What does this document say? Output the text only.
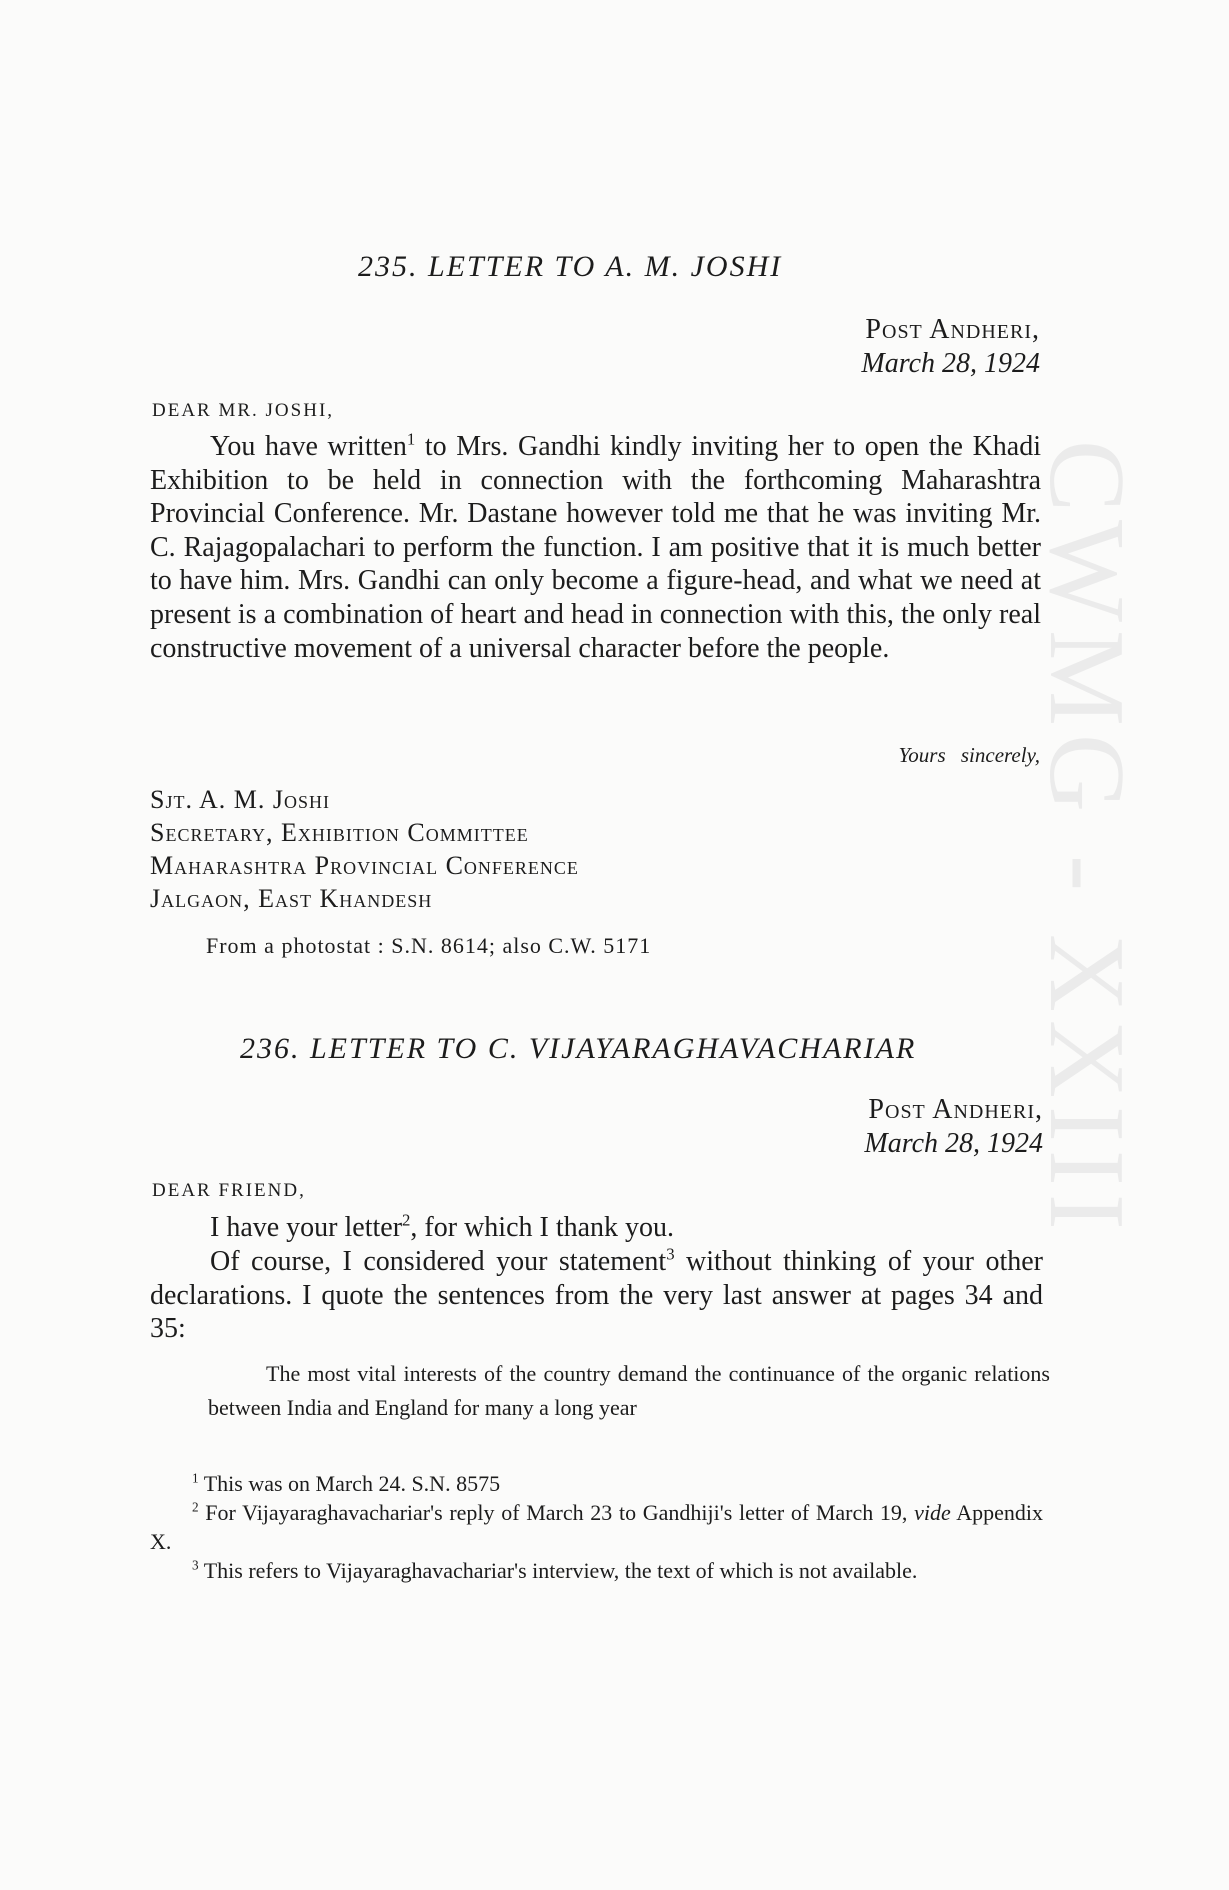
CWMG - XXIII
235. LETTER TO A. M. JOSHI
Post Andheri,
March 28, 1924
DEAR MR. JOSHI,
You have written$^1$ to Mrs. Gandhi kindly inviting her to open the Khadi Exhibition to be held in connection with the forthcoming Maharashtra Provincial Conference. Mr. Dastane however told me that he was inviting Mr. C. Rajagopalachari to perform the function. I am positive that it is much better to have him. Mrs. Gandhi can only become a figure-head, and what we need at present is a combination of heart and head in connection with this, the only real constructive movement of a universal character before the people.
Yours sincerely,
Sjt. A. M. Joshi
Secretary, Exhibition Committee
Maharashtra Provincial Conference
Jalgaon, East Khandesh
From a photostat : S.N. 8614; also C.W. 5171
236. LETTER TO C. VIJAYARAGHAVACHARIAR
Post Andheri,
March 28, 1924
DEAR FRIEND,
I have your letter$^2$, for which I thank you.
Of course, I considered your statement$^3$ without thinking of your other declarations. I quote the sentences from the very last answer at pages 34 and 35:
The most vital interests of the country demand the continuance of the organic relations between India and England for many a long year
$^1$ This was on March 24. S.N. 8575
$^2$ For Vijayaraghavachariar's reply of March 23 to Gandhiji's letter of March 19, vide Appendix X.
$^3$ This refers to Vijayaraghavachariar's interview, the text of which is not available.
